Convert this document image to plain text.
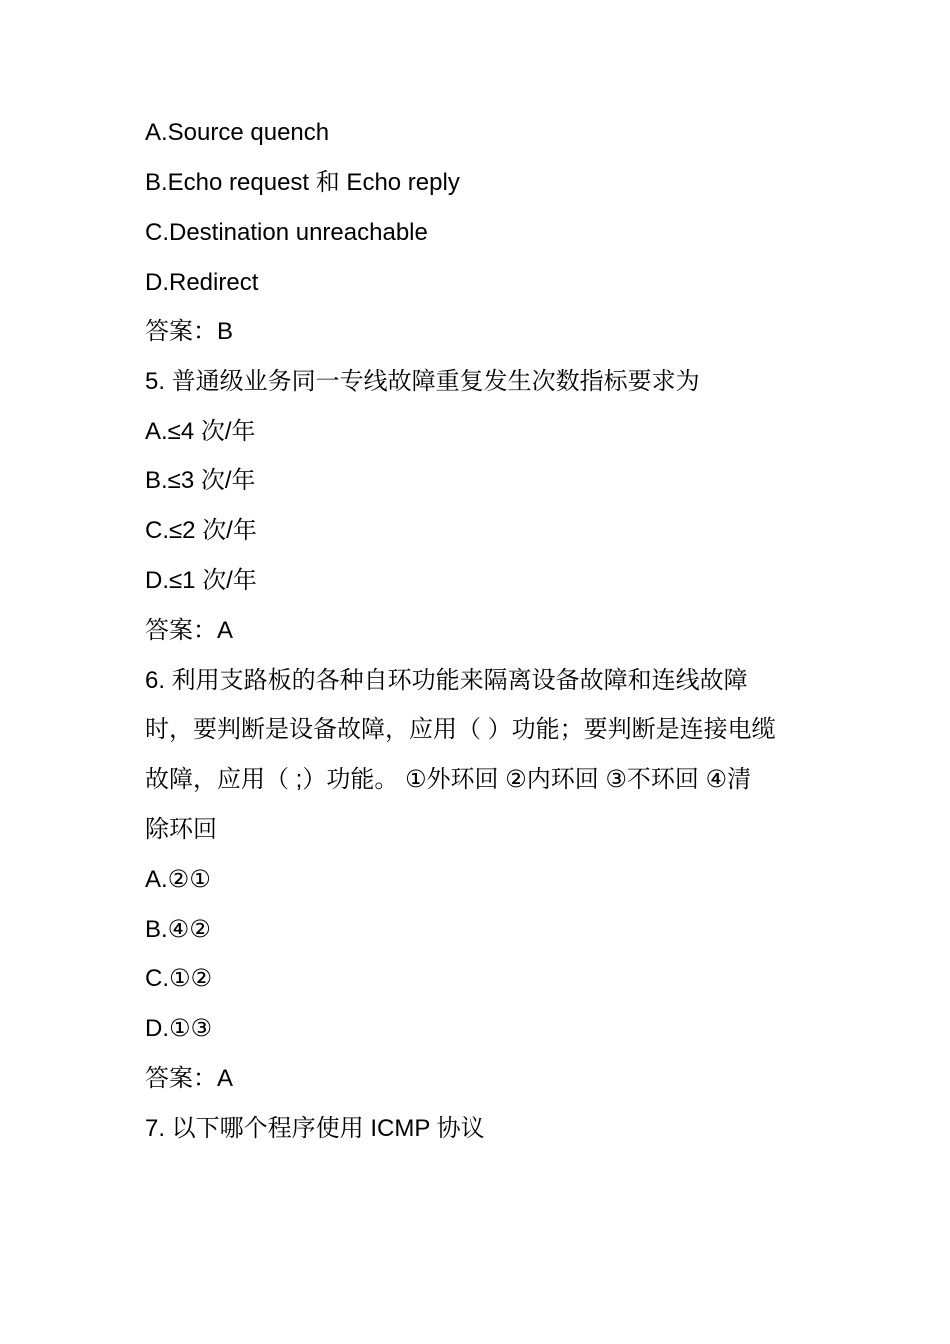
A.Source quench
B.Echo request 和 Echo reply
C.Destination unreachable
D.Redirect
答案：B
5. 普通级业务同一专线故障重复发生次数指标要求为
A.≤4 次/年
B.≤3 次/年
C.≤2 次/年
D.≤1 次/年
答案：A
6. 利用支路板的各种自环功能来隔离设备故障和连线故障
时，要判断是设备故障，应用（ ）功能；要判断是连接电缆
故障，应用（ ;）功能。 ①外环回 ②内环回 ③不环回 ④清
除环回
A.②①
B.④②
C.①②
D.①③
答案：A
7. 以下哪个程序使用 ICMP 协议
